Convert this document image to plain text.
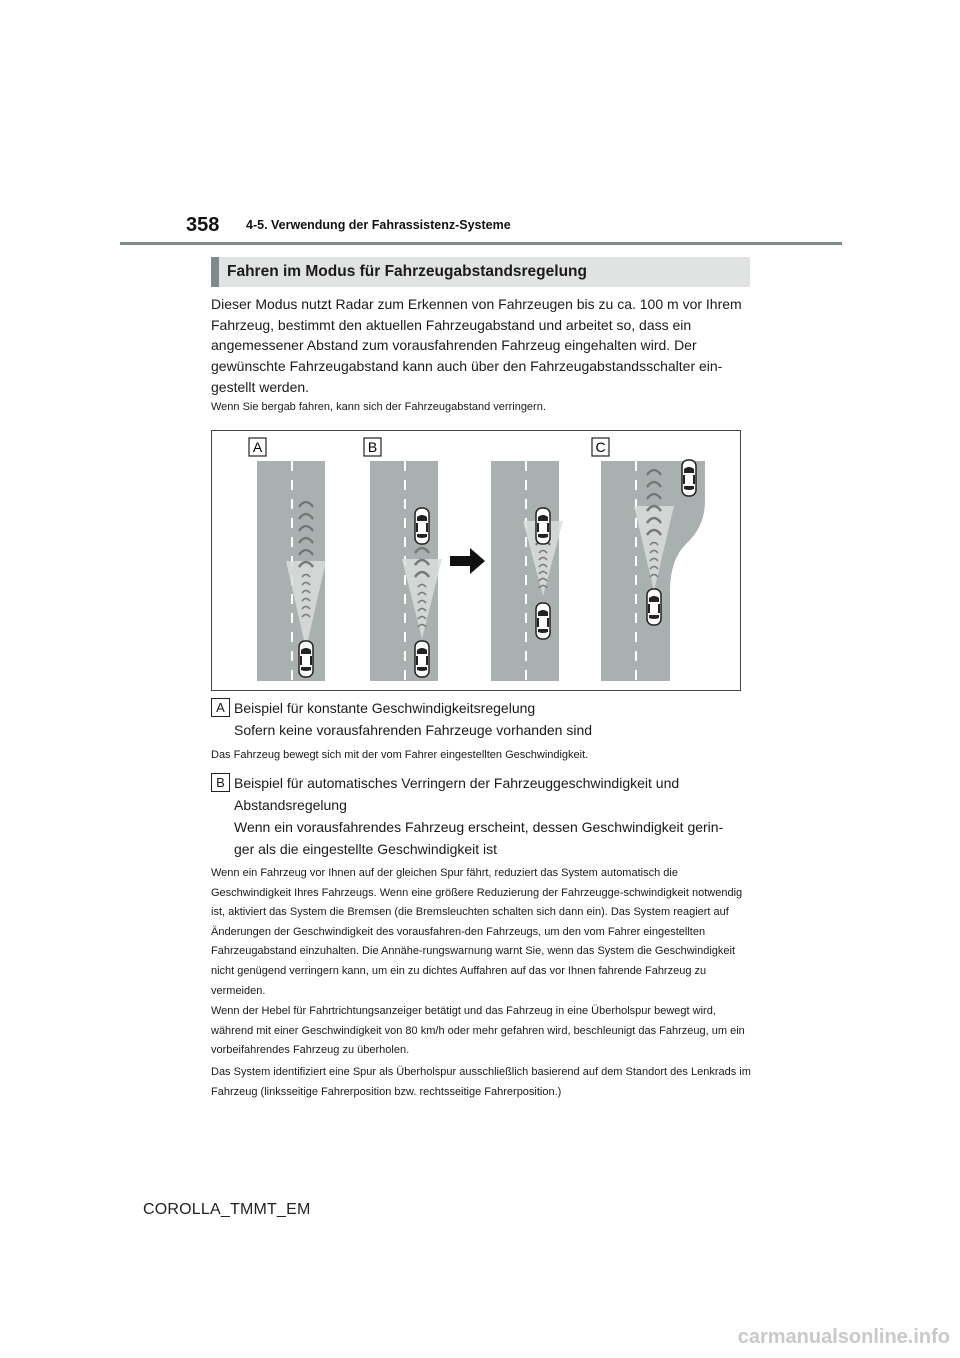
358 4-5. Verwendung der Fahrassistenz-Systeme
Fahren im Modus für Fahrzeugabstandsregelung

Dieser Modus nutzt Radar zum Erkennen von Fahrzeugen bis zu ca. 100 m vor Ihrem Fahrzeug, bestimmt den aktuellen Fahrzeugabstand und arbeitet so, dass ein angemessener Abstand zum vorausfahrenden Fahrzeug eingehalten wird. Der gewünschte Fahrzeugabstand kann auch über den Fahrzeugabstandsschalter ein-gestellt werden.

Wenn Sie bergab fahren, kann sich der Fahrzeugabstand verringern.

A	B	C
A Beispiel für konstante Geschwindigkeitsregelung
Sofern keine vorausfahrenden Fahrzeuge vorhanden sind

Das Fahrzeug bewegt sich mit der vom Fahrer eingestellten Geschwindigkeit.

B Beispiel für automatisches Verringern der Fahrzeuggeschwindigkeit und
Abstandsregelung
Wenn ein vorausfahrendes Fahrzeug erscheint, dessen Geschwindigkeit gerin-
ger als die eingestellte Geschwindigkeit ist

Wenn ein Fahrzeug vor Ihnen auf der gleichen Spur fährt, reduziert das System automatisch die Geschwindigkeit Ihres Fahrzeugs. Wenn eine größere Reduzierung der Fahrzeugge-schwindigkeit notwendig ist, aktiviert das System die Bremsen (die Bremsleuchten schalten sich dann ein). Das System reagiert auf Änderungen der Geschwindigkeit des vorausfahren-den Fahrzeugs, um den vom Fahrer eingestellten Fahrzeugabstand einzuhalten. Die Annähe-rungswarnung warnt Sie, wenn das System die Geschwindigkeit nicht genügend verringern kann, um ein zu dichtes Auffahren auf das vor Ihnen fahrende Fahrzeug zu vermeiden.

Wenn der Hebel für Fahrtrichtungsanzeiger betätigt und das Fahrzeug in eine Überholspur bewegt wird, während mit einer Geschwindigkeit von 80 km/h oder mehr gefahren wird, beschleunigt das Fahrzeug, um ein vorbeifahrendes Fahrzeug zu überholen.

Das System identifiziert eine Spur als Überholspur ausschließlich basierend auf dem Standort des Lenkrads im Fahrzeug (linksseitige Fahrerposition bzw. rechtsseitige Fahrerposition.)

COROLLA_TMMT_EM
carmanualsonline.info
